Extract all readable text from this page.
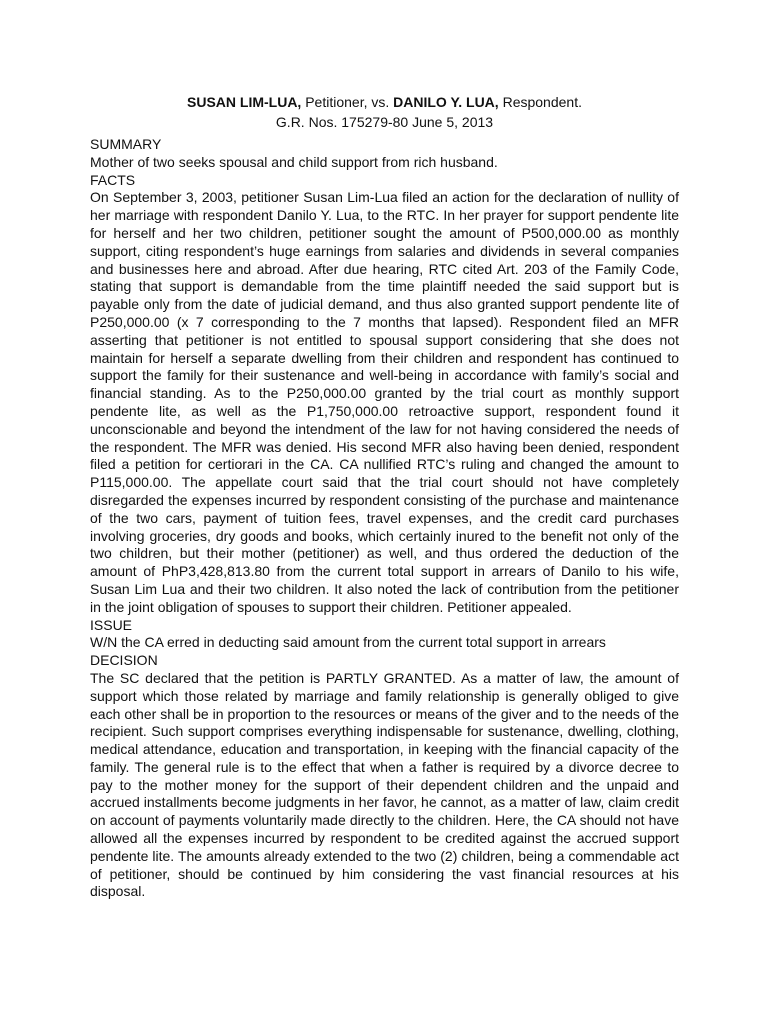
SUSAN LIM-LUA, Petitioner, vs. DANILO Y. LUA, Respondent.
G.R. Nos. 175279-80 June 5, 2013
SUMMARY

Mother of two seeks spousal and child support from rich husband.

FACTS

On September 3, 2003, petitioner Susan Lim-Lua filed an action for the declaration of nullity of her marriage with respondent Danilo Y. Lua, to the RTC. In her prayer for support pendente lite for herself and her two children, petitioner sought the amount of P500,000.00 as monthly support, citing respondent’s huge earnings from salaries and dividends in several companies and businesses here and abroad. After due hearing, RTC cited Art. 203 of the Family Code, stating that support is demandable from the time plaintiff needed the said support but is payable only from the date of judicial demand, and thus also granted support pendente lite of P250,000.00 (x 7 corresponding to the 7 months that lapsed). Respondent filed an MFR asserting that petitioner is not entitled to spousal support considering that she does not maintain for herself a separate dwelling from their children and respondent has continued to support the family for their sustenance and well-being in accordance with family’s social and financial standing. As to the P250,000.00 granted by the trial court as monthly support pendente lite, as well as the P1,750,000.00 retroactive support, respondent found it unconscionable and beyond the intendment of the law for not having considered the needs of the respondent. The MFR was denied. His second MFR also having been denied, respondent filed a petition for certiorari in the CA. CA nullified RTC’s ruling and changed the amount to P115,000.00. The appellate court said that the trial court should not have completely disregarded the expenses incurred by respondent consisting of the purchase and maintenance of the two cars, payment of tuition fees, travel expenses, and the credit card purchases involving groceries, dry goods and books, which certainly inured to the benefit not only of the two children, but their mother (petitioner) as well, and thus ordered the deduction of the amount of PhP3,428,813.80 from the current total support in arrears of Danilo to his wife, Susan Lim Lua and their two children. It also noted the lack of contribution from the petitioner in the joint obligation of spouses to support their children. Petitioner appealed.

ISSUE

W/N the CA erred in deducting said amount from the current total support in arrears

DECISION

The SC declared that the petition is PARTLY GRANTED. As a matter of law, the amount of support which those related by marriage and family relationship is generally obliged to give each other shall be in proportion to the resources or means of the giver and to the needs of the recipient. Such support comprises everything indispensable for sustenance, dwelling, clothing, medical attendance, education and transportation, in keeping with the financial capacity of the family. The general rule is to the effect that when a father is required by a divorce decree to pay to the mother money for the support of their dependent children and the unpaid and accrued installments become judgments in her favor, he cannot, as a matter of law, claim credit on account of payments voluntarily made directly to the children. Here, the CA should not have allowed all the expenses incurred by respondent to be credited against the accrued support pendente lite. The amounts already extended to the two (2) children, being a commendable act of petitioner, should be continued by him considering the vast financial resources at his disposal.
